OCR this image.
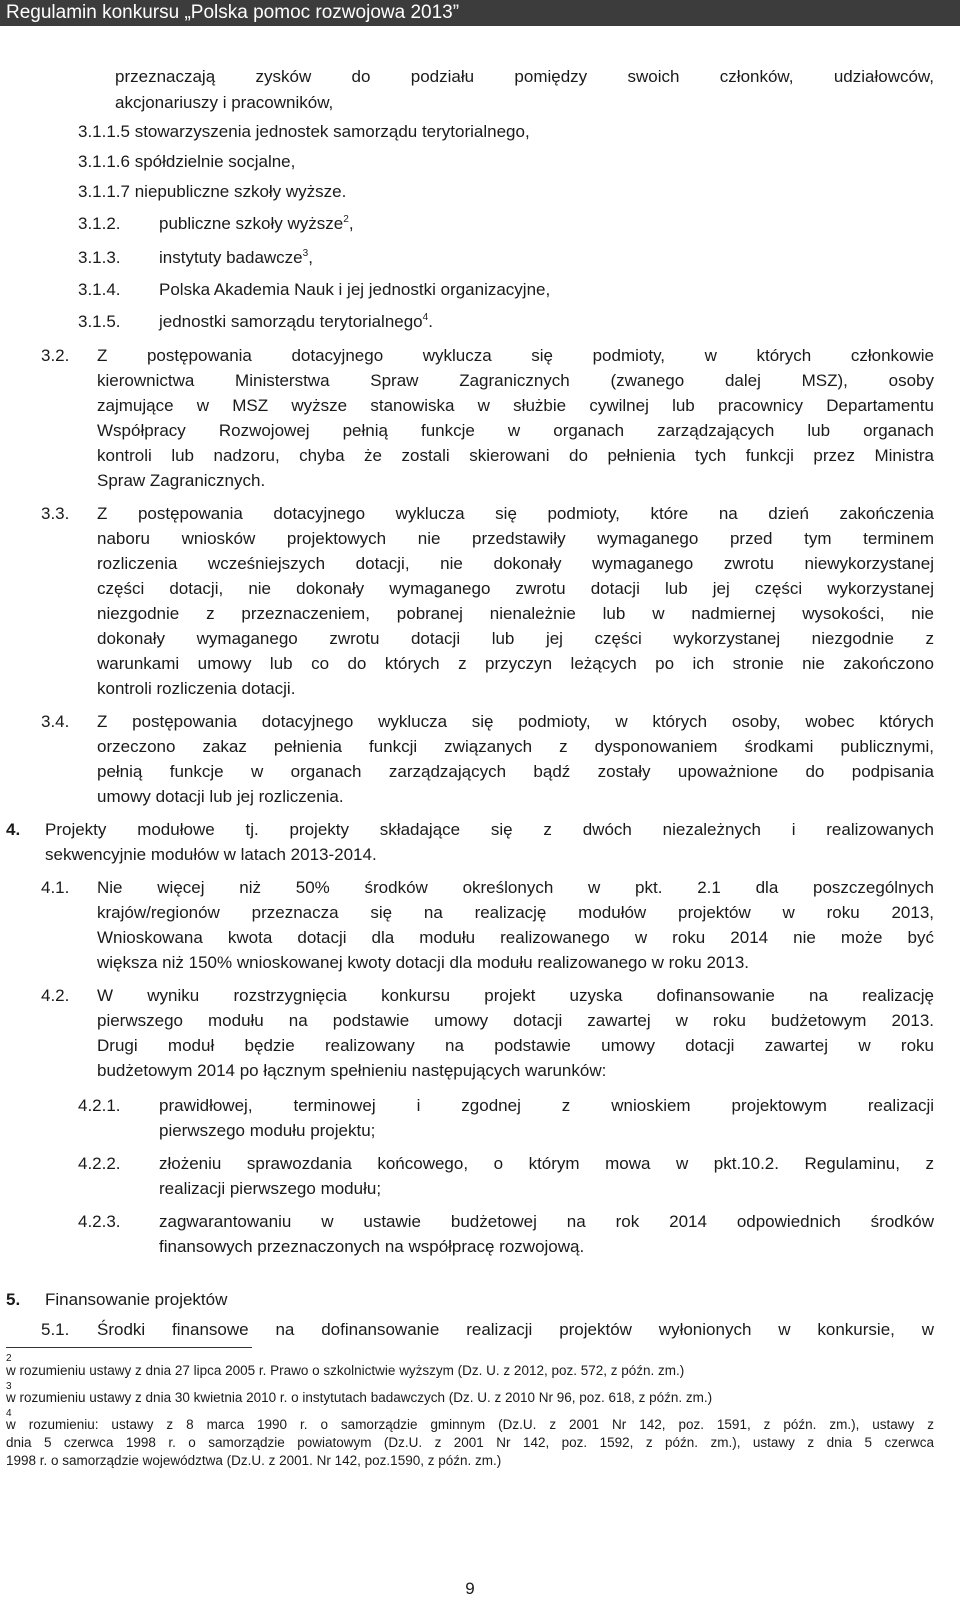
Regulamin konkursu „Polska pomoc rozwojowa 2013”
przeznaczają zysków do podziału pomiędzy swoich członków, udziałowców,
akcjonariuszy i pracowników,
3.1.1.5 stowarzyszenia jednostek samorządu terytorialnego,
3.1.1.6 spółdzielnie socjalne,
3.1.1.7 niepubliczne szkoły wyższe.
3.1.2. publiczne szkoły wyższe$^2$,
3.1.3. instytuty badawcze$^3$,
3.1.4. Polska Akademia Nauk i jej jednostki organizacyjne,
3.1.5. jednostki samorządu terytorialnego$^4$.
3.2. Z postępowania dotacyjnego wyklucza się podmioty, w których członkowie
kierownictwa Ministerstwa Spraw Zagranicznych (zwanego dalej MSZ), osoby
zajmujące w MSZ wyższe stanowiska w służbie cywilnej lub pracownicy Departamentu
Współpracy Rozwojowej pełnią funkcje w organach zarządzających lub organach
kontroli lub nadzoru, chyba że zostali skierowani do pełnienia tych funkcji przez Ministra
Spraw Zagranicznych.
3.3. Z postępowania dotacyjnego wyklucza się podmioty, które na dzień zakończenia
naboru wniosków projektowych nie przedstawiły wymaganego przed tym terminem
rozliczenia wcześniejszych dotacji, nie dokonały wymaganego zwrotu niewykorzystanej
części dotacji, nie dokonały wymaganego zwrotu dotacji lub jej części wykorzystanej
niezgodnie z przeznaczeniem, pobranej nienależnie lub w nadmiernej wysokości, nie
dokonały wymaganego zwrotu dotacji lub jej części wykorzystanej niezgodnie z
warunkami umowy lub co do których z przyczyn leżących po ich stronie nie zakończono
kontroli rozliczenia dotacji.
3.4. Z postępowania dotacyjnego wyklucza się podmioty, w których osoby, wobec których
orzeczono zakaz pełnienia funkcji związanych z dysponowaniem środkami publicznymi,
pełnią funkcje w organach zarządzających bądź zostały upoważnione do podpisania
umowy dotacji lub jej rozliczenia.
4. Projekty modułowe tj. projekty składające się z dwóch niezależnych i realizowanych
sekwencyjnie modułów w latach 2013-2014.
4.1. Nie więcej niż 50% środków określonych w pkt. 2.1 dla poszczególnych
krajów/regionów przeznacza się na realizację modułów projektów w roku 2013,
Wnioskowana kwota dotacji dla modułu realizowanego w roku 2014 nie może być
większa niż 150% wnioskowanej kwoty dotacji dla modułu realizowanego w roku 2013.
4.2. W wyniku rozstrzygnięcia konkursu projekt uzyska dofinansowanie na realizację
pierwszego modułu na podstawie umowy dotacji zawartej w roku budżetowym 2013.
Drugi moduł będzie realizowany na podstawie umowy dotacji zawartej w roku
budżetowym 2014 po łącznym spełnieniu następujących warunków:
4.2.1. prawidłowej, terminowej i zgodnej z wnioskiem projektowym realizacji
pierwszego modułu projektu;
4.2.2. złożeniu sprawozdania końcowego, o którym mowa w pkt.10.2. Regulaminu, z
realizacji pierwszego modułu;
4.2.3. zagwarantowaniu w ustawie budżetowej na rok 2014 odpowiednich środków
finansowych przeznaczonych na współpracę rozwojową.
5. Finansowanie projektów
5.1. Środki finansowe na dofinansowanie realizacji projektów wyłonionych w konkursie, w
2
w rozumieniu ustawy z dnia 27 lipca 2005 r. Prawo o szkolnictwie wyższym (Dz. U. z 2012, poz. 572, z późn. zm.)
3
w rozumieniu ustawy z dnia 30 kwietnia 2010 r. o instytutach badawczych (Dz. U. z 2010 Nr 96, poz. 618, z późn. zm.)
4
w rozumieniu: ustawy z 8 marca 1990 r. o samorządzie gminnym (Dz.U. z 2001 Nr 142, poz. 1591, z późn. zm.), ustawy z
dnia 5 czerwca 1998 r. o samorządzie powiatowym (Dz.U. z 2001 Nr 142, poz. 1592, z późn. zm.), ustawy z dnia 5 czerwca
1998 r. o samorządzie województwa (Dz.U. z 2001. Nr 142, poz.1590, z późn. zm.)
9
